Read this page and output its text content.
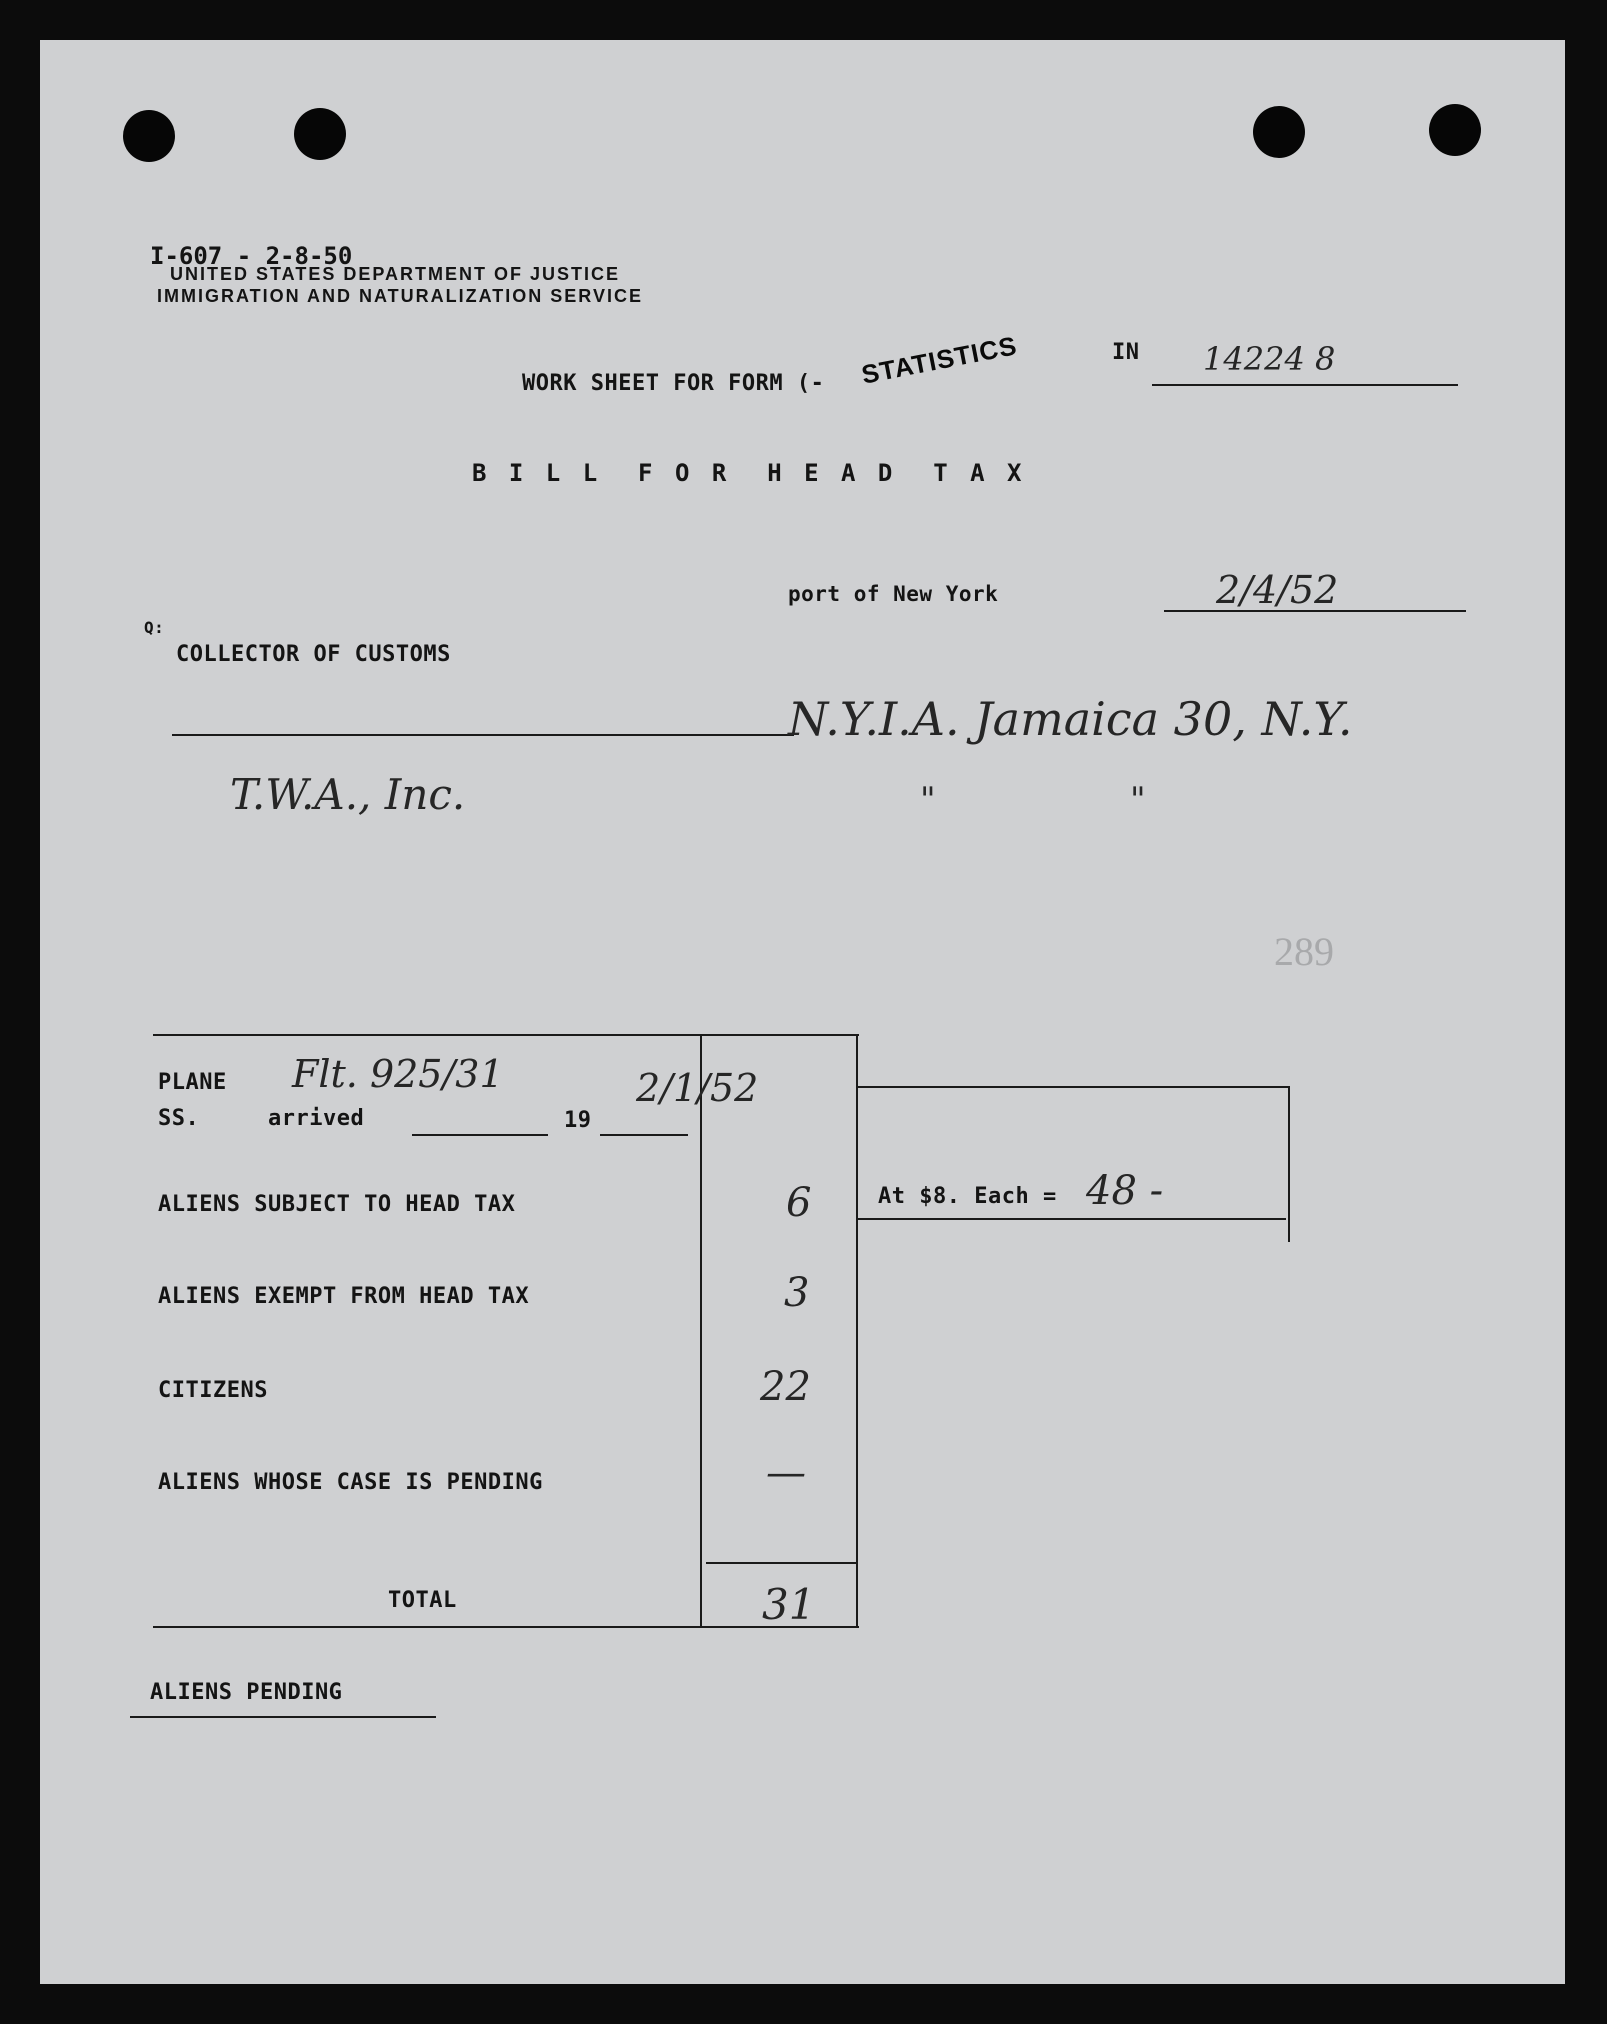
I-607 - 2-8-50
UNITED STATES DEPARTMENT OF JUSTICE
IMMIGRATION AND NATURALIZATION SERVICE
WORK SHEET FOR FORM (- STATISTICS	IN 14224 8
B I L L  F O R  H E A D  T A X
port of New York	2/4/52
Q:
COLLECTOR OF CUSTOMS
N.Y.I.A. Jamaica 30, N.Y.
T.W.A., Inc.	"	"
289
PLANE
SS.	arrived	19
Flt. 925/31	2/1/52
ALIENS SUBJECT TO HEAD TAX	6
ALIENS EXEMPT FROM HEAD TAX	3
CITIZENS	22
ALIENS WHOSE CASE IS PENDING	—
TOTAL	31
At $8. Each = 48 -
ALIENS PENDING
